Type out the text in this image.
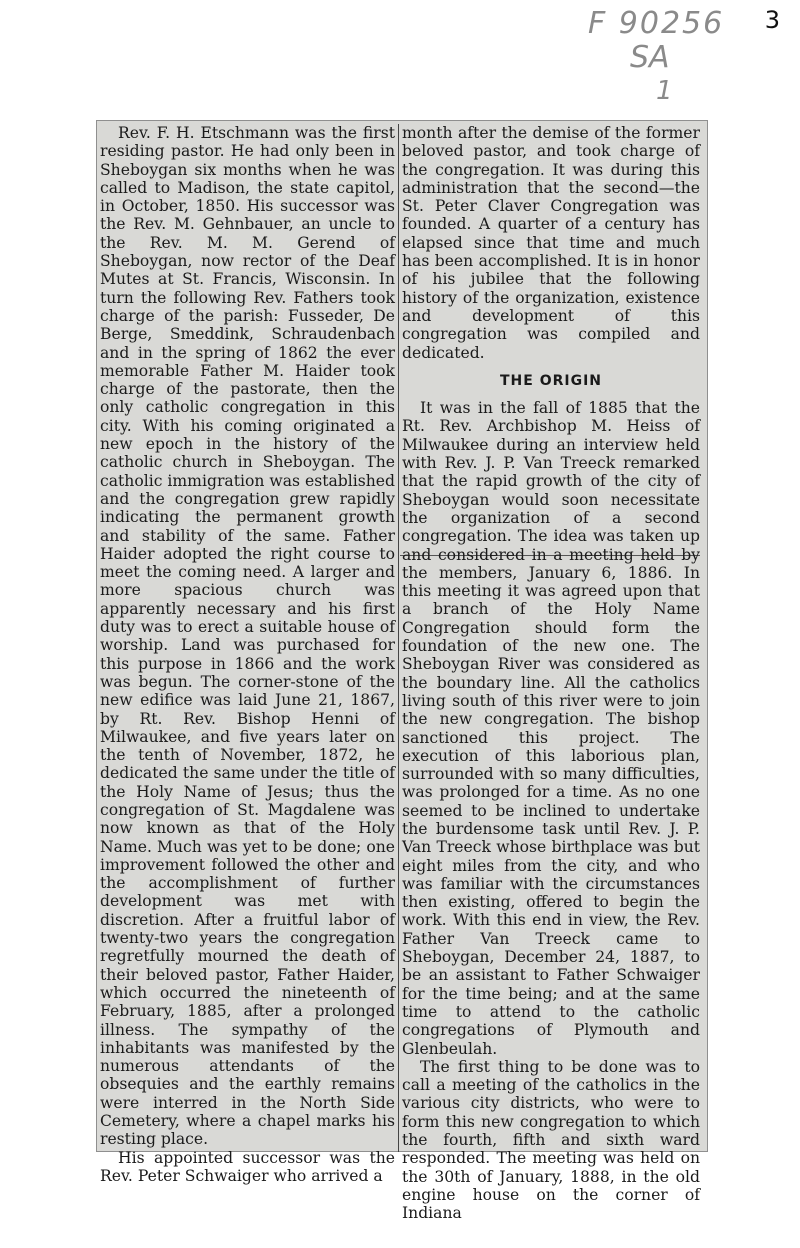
F 90256
SA
1
3

Rev. F. H. Etschmann was the first residing pastor. He had only been in Sheboygan six months when he was called to Madison, the state capitol, in October, 1850. His successor was the Rev. M. Gehnbauer, an uncle to the Rev. M. M. Gerend of Sheboygan, now rector of the Deaf Mutes at St. Francis, Wisconsin. In turn the following Rev. Fathers took charge of the parish: Fusseder, De Berge, Smeddink, Schraudenbach and in the spring of 1862 the ever memorable Father M. Haider took charge of the pastorate, then the only catholic congregation in this city. With his coming originated a new epoch in the history of the catholic church in Sheboygan. The catholic immigration was established and the congregation grew rapidly indicating the permanent growth and stability of the same. Father Haider adopted the right course to meet the coming need. A larger and more spacious church was apparently necessary and his first duty was to erect a suitable house of worship. Land was purchased for this purpose in 1866 and the work was begun. The corner-stone of the new edifice was laid June 21, 1867, by Rt. Rev. Bishop Henni of Milwaukee, and five years later on the tenth of November, 1872, he dedicated the same under the title of the Holy Name of Jesus; thus the congregation of St. Magdalene was now known as that of the Holy Name. Much was yet to be done; one improvement followed the other and the accomplishment of further development was met with discretion. After a fruitful labor of twenty-two years the congregation regretfully mourned the death of their beloved pastor, Father Haider, which occurred the nineteenth of February, 1885, after a prolonged illness. The sympathy of the inhabitants was manifested by the numerous attendants of the obsequies and the earthly remains were interred in the North Side Cemetery, where a chapel marks his resting place.

His appointed successor was the Rev. Peter Schwaiger who arrived a

month after the demise of the former beloved pastor, and took charge of the congregation. It was during this administration that the second—the St. Peter Claver Congregation was founded. A quarter of a century has elapsed since that time and much has been accomplished. It is in honor of his jubilee that the following history of the organization, existence and development of this congregation was compiled and dedicated.

THE ORIGIN

It was in the fall of 1885 that the Rt. Rev. Archbishop M. Heiss of Milwaukee during an interview held with Rev. J. P. Van Treeck remarked that the rapid growth of the city of Sheboygan would soon necessitate the organization of a second congregation. The idea was taken up and considered in a meeting held by the members, January 6, 1886. In this meeting it was agreed upon that a branch of the Holy Name Congregation should form the foundation of the new one. The Sheboygan River was considered as the boundary line. All the catholics living south of this river were to join the new congregation. The bishop sanctioned this project. The execution of this laborious plan, surrounded with so many difficulties, was prolonged for a time. As no one seemed to be inclined to undertake the burdensome task until Rev. J. P. Van Treeck whose birthplace was but eight miles from the city, and who was familiar with the circumstances then existing, offered to begin the work. With this end in view, the Rev. Father Van Treeck came to Sheboygan, December 24, 1887, to be an assistant to Father Schwaiger for the time being; and at the same time to attend to the catholic congregations of Plymouth and Glenbeulah.

The first thing to be done was to call a meeting of the catholics in the various city districts, who were to form this new congregation to which the fourth, fifth and sixth ward responded. The meeting was held on the 30th of January, 1888, in the old engine house on the corner of Indiana
